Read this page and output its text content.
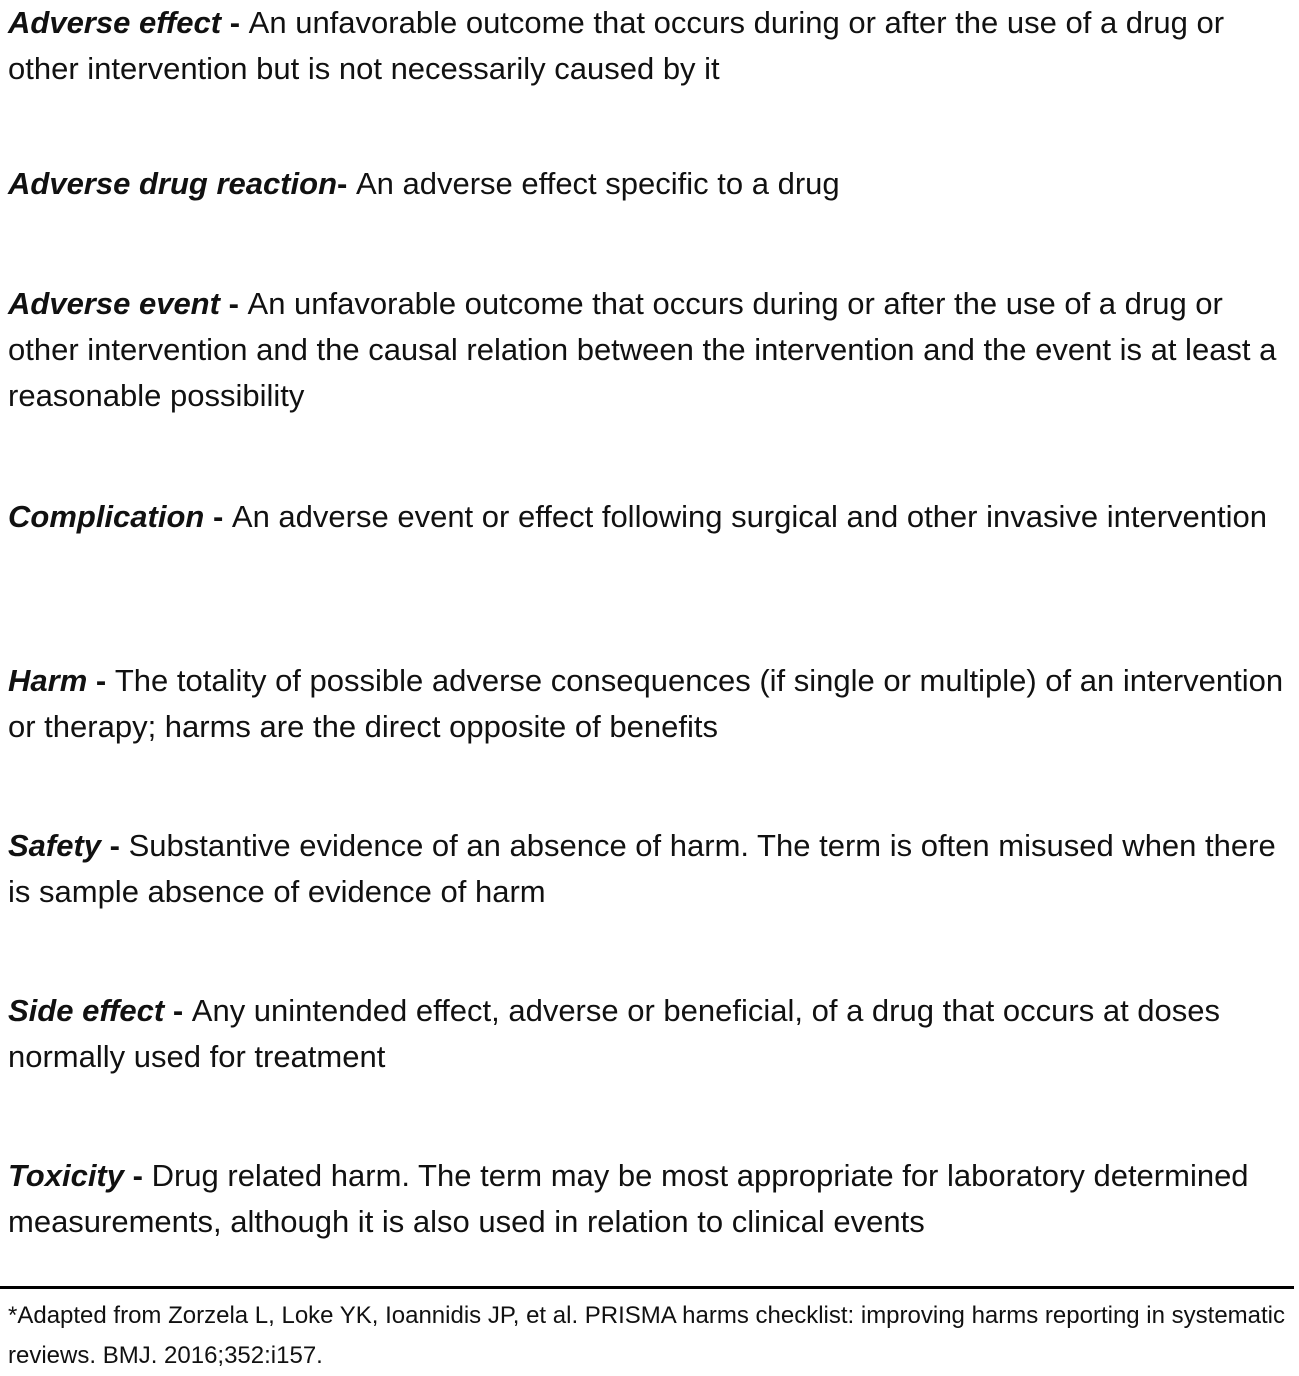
Adverse effect - An unfavorable outcome that occurs during or after the use of a drug or other intervention but is not necessarily caused by it

Adverse drug reaction- An adverse effect specific to a drug

Adverse event - An unfavorable outcome that occurs during or after the use of a drug or other intervention and the causal relation between the intervention and the event is at least a reasonable possibility

Complication - An adverse event or effect following surgical and other invasive intervention

Harm - The totality of possible adverse consequences (if single or multiple) of an intervention or therapy; harms are the direct opposite of benefits

Safety - Substantive evidence of an absence of harm. The term is often misused when there is sample absence of evidence of harm

Side effect - Any unintended effect, adverse or beneficial, of a drug that occurs at doses normally used for treatment

Toxicity - Drug related harm. The term may be most appropriate for laboratory determined measurements, although it is also used in relation to clinical events

*Adapted from Zorzela L, Loke YK, Ioannidis JP, et al. PRISMA harms checklist: improving harms reporting in systematic reviews. BMJ. 2016;352:i157.
